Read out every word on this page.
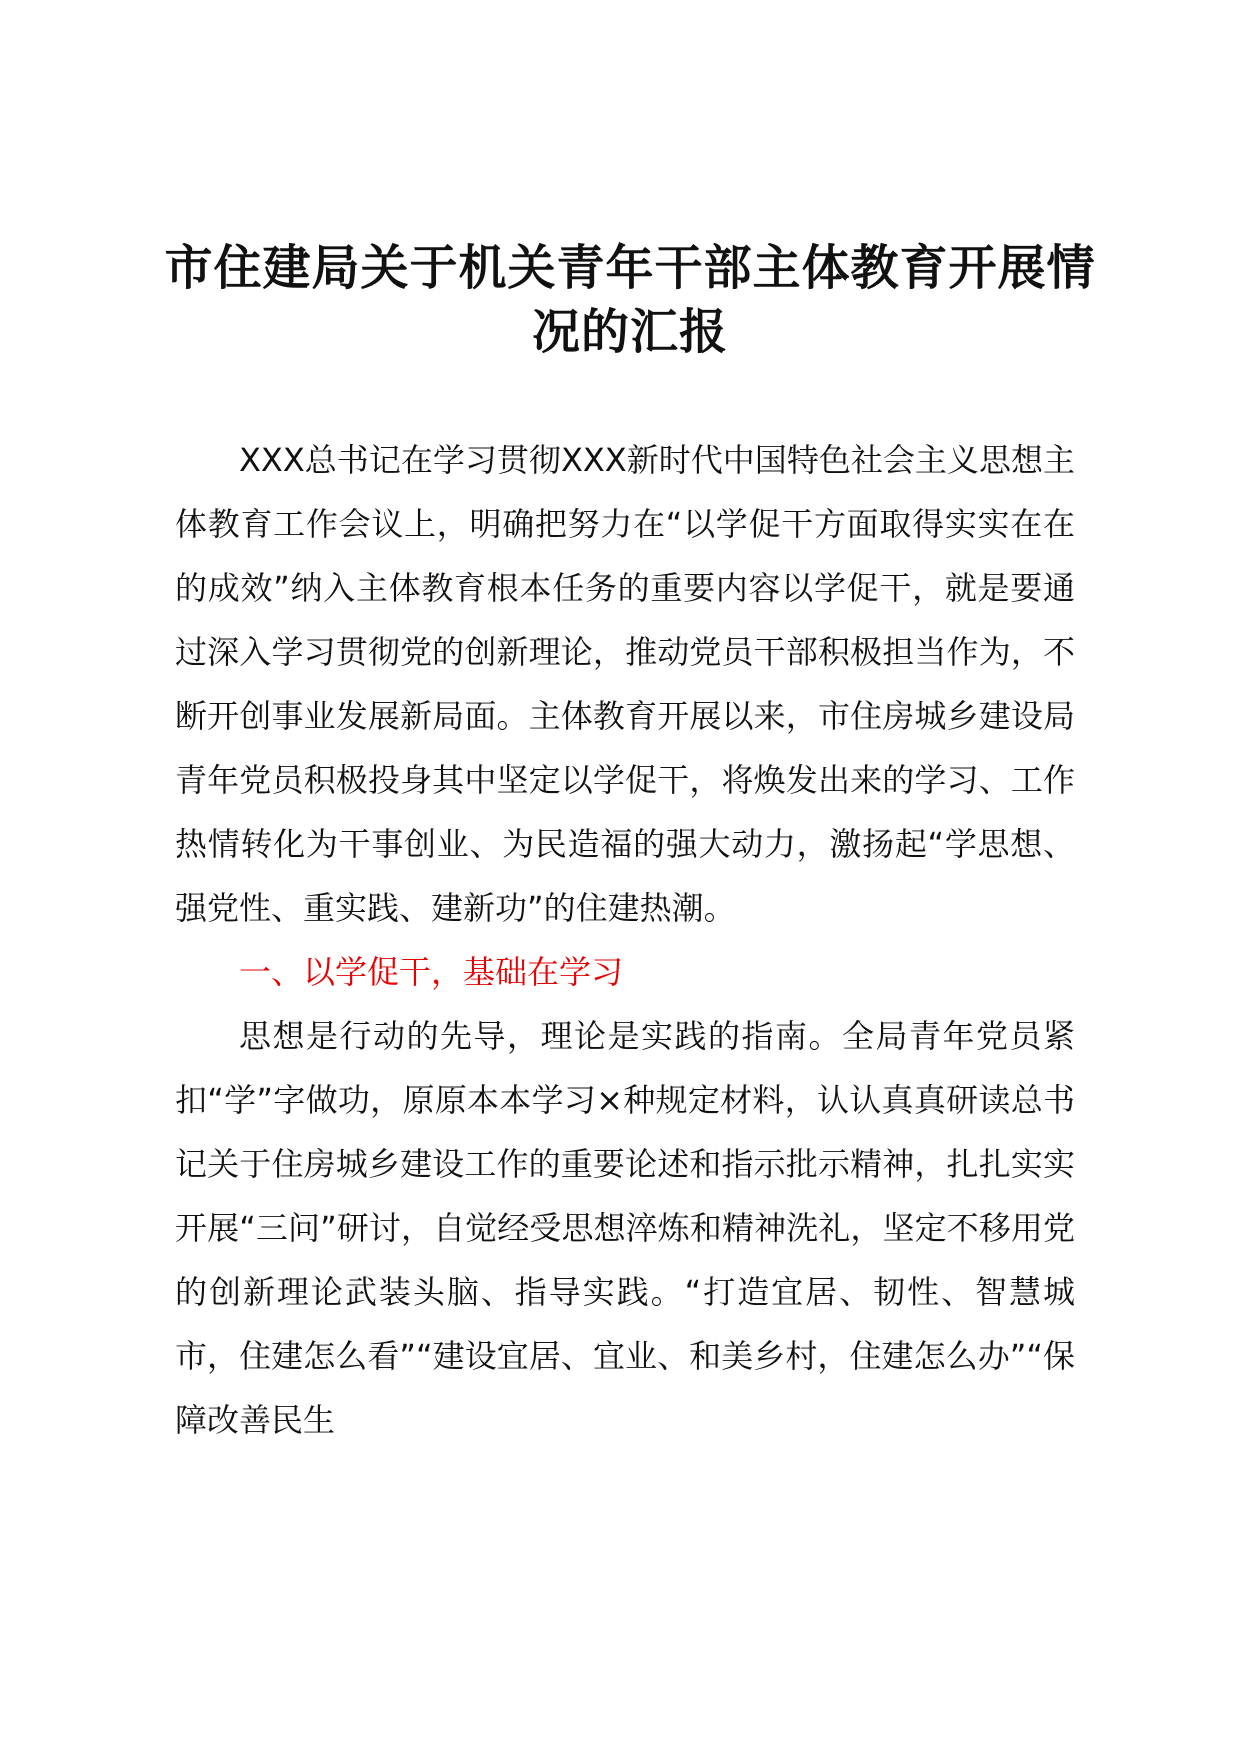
市住建局关于机关青年干部主体教育开展情况的汇报

XXX总书记在学习贯彻XXX新时代中国特色社会主义思想主体教育工作会议上，明确把努力在“以学促干方面取得实实在在的成效”纳入主体教育根本任务的重要内容以学促干，就是要通过深入学习贯彻党的创新理论，推动党员干部积极担当作为，不断开创事业发展新局面。主体教育开展以来，市住房城乡建设局青年党员积极投身其中坚定以学促干，将焕发出来的学习、工作热情转化为干事创业、为民造福的强大动力，激扬起“学思想、强党性、重实践、建新功”的住建热潮。

一、以学促干，基础在学习

思想是行动的先导，理论是实践的指南。全局青年党员紧扣“学”字做功，原原本本学习×种规定材料，认认真真研读总书记关于住房城乡建设工作的重要论述和指示批示精神，扎扎实实开展“三问”研讨，自觉经受思想淬炼和精神洗礼，坚定不移用党的创新理论武装头脑、指导实践。“打造宜居、韧性、智慧城市，住建怎么看”“建设宜居、宜业、和美乡村，住建怎么办”“保障改善民生
